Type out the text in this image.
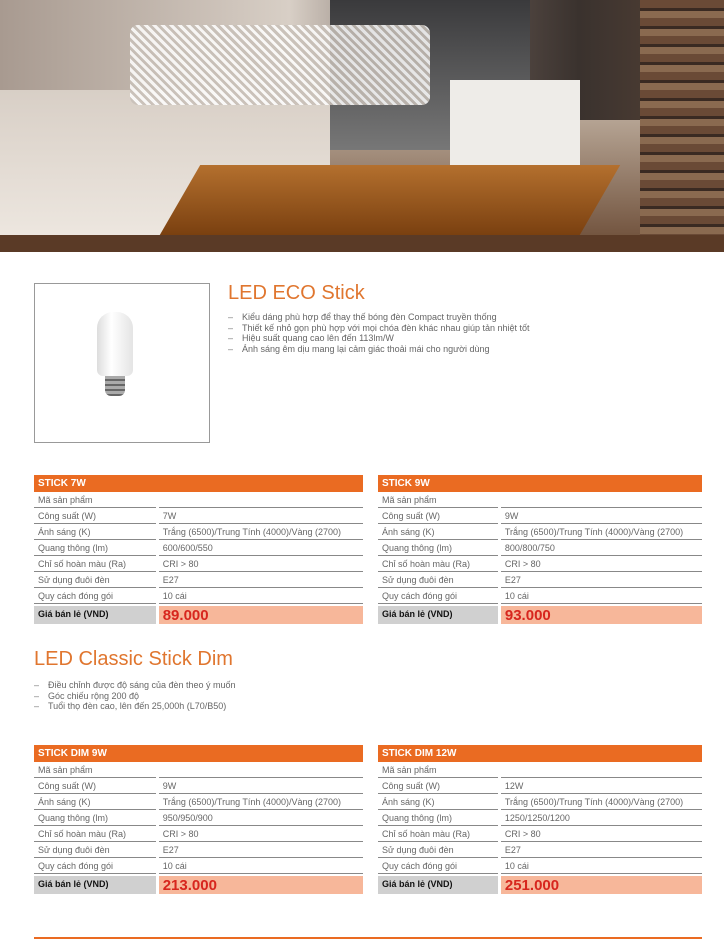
LED ECO Stick
– Kiểu dáng phù hợp để thay thế bóng đèn Compact truyền thống
– Thiết kế nhỏ gọn phù hợp với mọi chóa đèn khác nhau giúp tản nhiệt tốt
– Hiệu suất quang cao lên đến 113lm/W
– Ánh sáng êm dịu mang lại cảm giác thoải mái cho người dùng
LED Classic Stick Dim
– Điều chỉnh được độ sáng của đèn theo ý muốn
– Góc chiếu rộng 200 độ
– Tuổi thọ đèn cao, lên đến 25,000h (L70/B50)
STICK 7W
Mã sản phẩm
Công suất (W)	7W
Ánh sáng (K)	Trắng (6500)/Trung Tính (4000)/Vàng (2700)
Quang thông (lm)	600/600/550
Chỉ số hoàn màu (Ra)	CRI > 80
Sử dụng đuôi đèn	E27
Quy cách đóng gói	10 cái
Giá bán lẻ (VND)	89.000
STICK 9W
Mã sản phẩm
Công suất (W)	9W
Ánh sáng (K)	Trắng (6500)/Trung Tính (4000)/Vàng (2700)
Quang thông (lm)	800/800/750
Chỉ số hoàn màu (Ra)	CRI > 80
Sử dụng đuôi đèn	E27
Quy cách đóng gói	10 cái
Giá bán lẻ (VND)	93.000
STICK DIM 9W
Mã sản phẩm
Công suất (W)	9W
Ánh sáng (K)	Trắng (6500)/Trung Tính (4000)/Vàng (2700)
Quang thông (lm)	950/950/900
Chỉ số hoàn màu (Ra)	CRI > 80
Sử dụng đuôi đèn	E27
Quy cách đóng gói	10 cái
Giá bán lẻ (VND)	213.000
STICK DIM 12W
Mã sản phẩm
Công suất (W)	12W
Ánh sáng (K)	Trắng (6500)/Trung Tính (4000)/Vàng (2700)
Quang thông (lm)	1250/1250/1200
Chỉ số hoàn màu (Ra)	CRI > 80
Sử dụng đuôi đèn	E27
Quy cách đóng gói	10 cái
Giá bán lẻ (VND)	251.000
